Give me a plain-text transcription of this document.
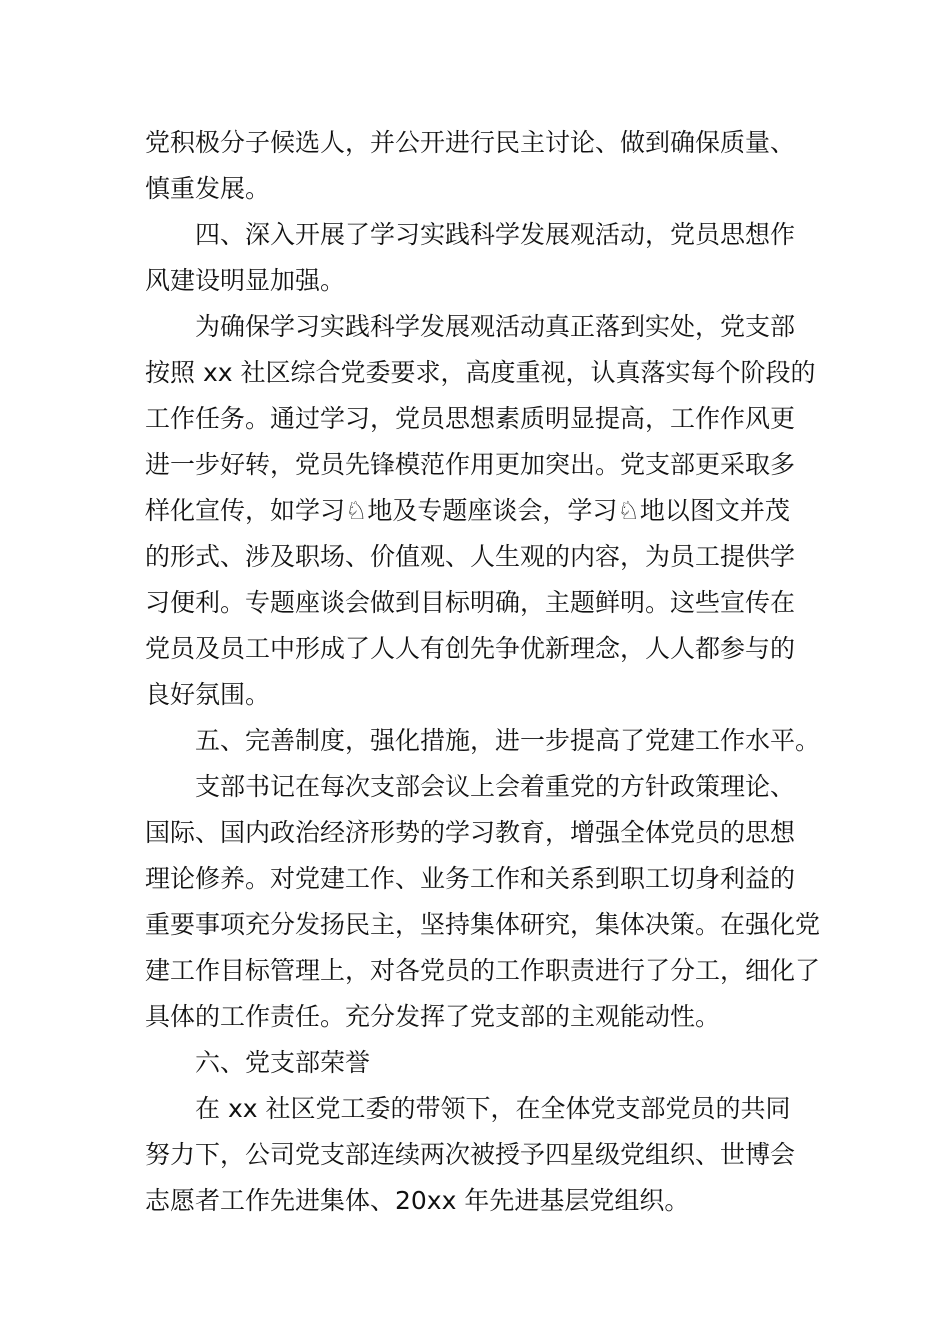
党积极分子候选人，并公开进行民主讨论、做到确保质量、
慎重发展。
四、深入开展了学习实践科学发展观活动，党员思想作
风建设明显加强。
为确保学习实践科学发展观活动真正落到实处，党支部
按照 xx 社区综合党委要求，高度重视，认真落实每个阶段的
工作任务。通过学习，党员思想素质明显提高，工作作风更
进一步好转，党员先锋模范作用更加突出。党支部更采取多
样化宣传，如学习♘地及专题座谈会，学习♘地以图文并茂
的形式、涉及职场、价值观、人生观的内容，为员工提供学
习便利。专题座谈会做到目标明确，主题鲜明。这些宣传在
党员及员工中形成了人人有创先争优新理念，人人都参与的
良好氛围。
五、完善制度，强化措施，进一步提高了党建工作水平。
支部书记在每次支部会议上会着重党的方针政策理论、
国际、国内政治经济形势的学习教育，增强全体党员的思想
理论修养。对党建工作、业务工作和关系到职工切身利益的
重要事项充分发扬民主，坚持集体研究，集体决策。在强化党
建工作目标管理上，对各党员的工作职责进行了分工，细化了
具体的工作责任。充分发挥了党支部的主观能动性。
六、党支部荣誉
在 xx 社区党工委的带领下，在全体党支部党员的共同
努力下，公司党支部连续两次被授予四星级党组织、世博会
志愿者工作先进集体、20xx 年先进基层党组织。
